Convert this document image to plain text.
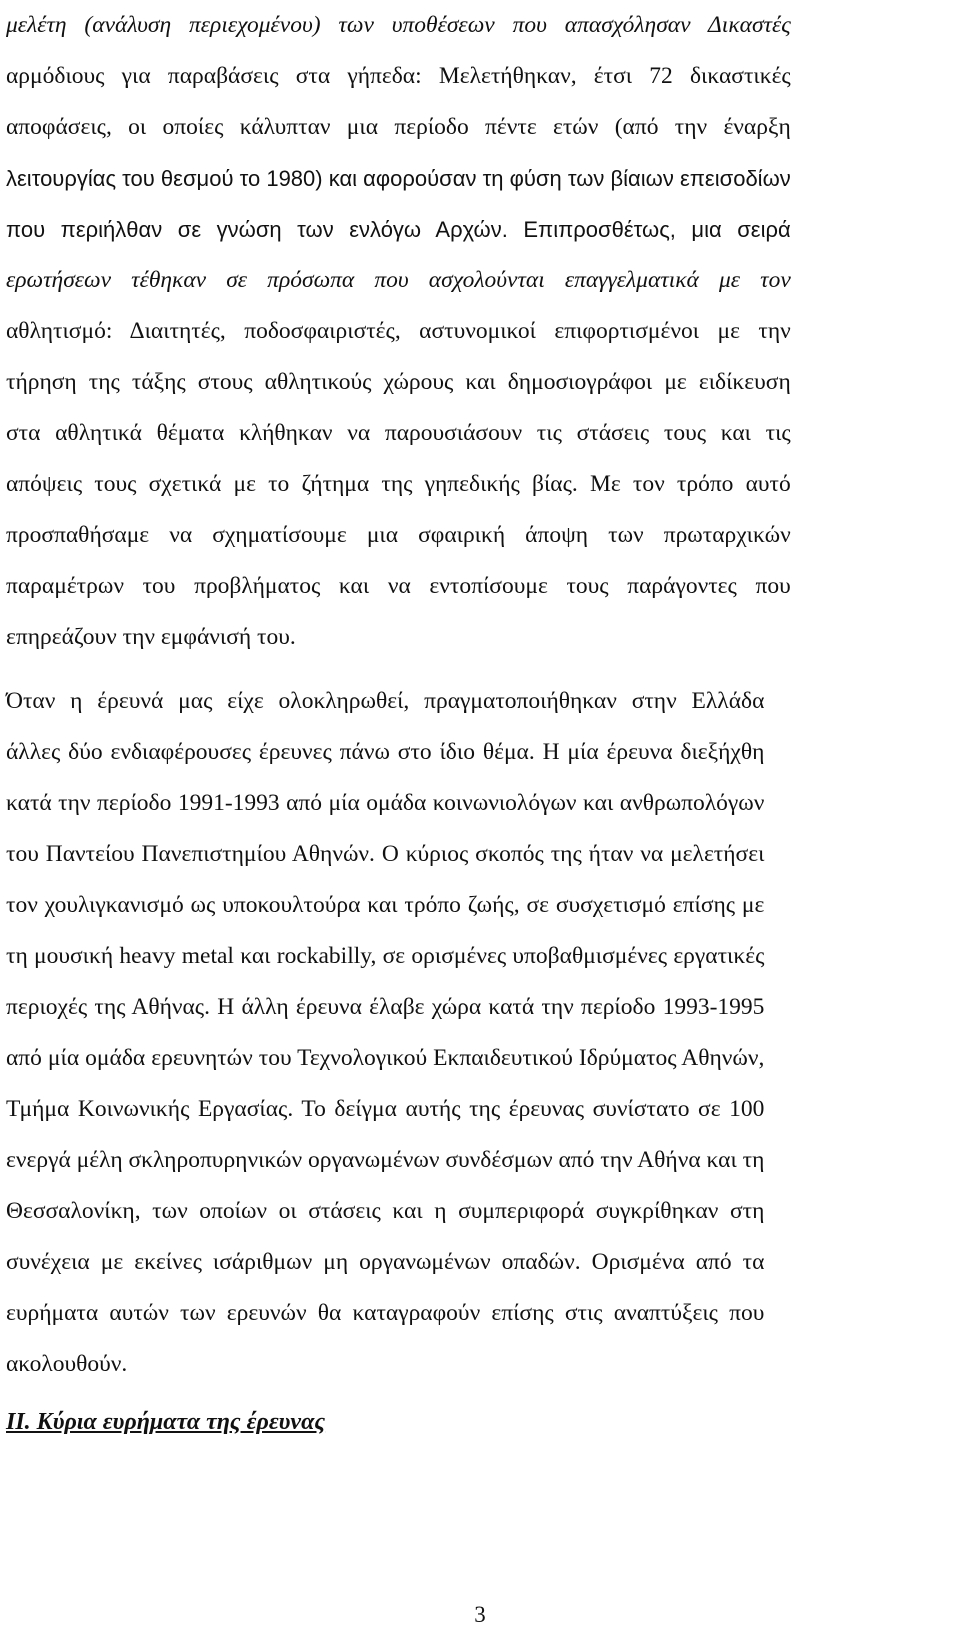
μελέτη (ανάλυση περιεχομένου) των υποθέσεων που απασχόλησαν Δικαστές
αρμόδιους για παραβάσεις στα γήπεδα: Μελετήθηκαν, έτσι 72 δικαστικές
αποφάσεις, οι οποίες κάλυπταν μια περίοδο πέντε ετών (από την έναρξη
λειτουργίας του θεσμού το 1980) και αφορούσαν τη φύση των βίαιων επεισοδίων
που περιήλθαν σε γνώση των ενλόγω Αρχών. Επιπροσθέτως, μια σειρά
ερωτήσεων τέθηκαν σε πρόσωπα που ασχολούνται επαγγελματικά με τον
αθλητισμό: Διαιτητές, ποδοσφαιριστές, αστυνομικοί επιφορτισμένοι με την
τήρηση της τάξης στους αθλητικούς χώρους και δημοσιογράφοι με ειδίκευση
στα αθλητικά θέματα κλήθηκαν να παρουσιάσουν τις στάσεις τους και τις
απόψεις τους σχετικά με το ζήτημα της γηπεδικής βίας. Με τον τρόπο αυτό
προσπαθήσαμε να σχηματίσουμε μια σφαιρική άποψη των πρωταρχικών
παραμέτρων του προβλήματος και να εντοπίσουμε τους παράγοντες που
επηρεάζουν την εμφάνισή του.
Όταν η έρευνά μας είχε ολοκληρωθεί, πραγματοποιήθηκαν στην Ελλάδα
άλλες δύο ενδιαφέρουσες έρευνες πάνω στο ίδιο θέμα. Η μία έρευνα διεξήχθη
κατά την περίοδο 1991-1993 από μία ομάδα κοινωνιολόγων και ανθρωπολόγων
του Παντείου Πανεπιστημίου Αθηνών. Ο κύριος σκοπός της ήταν να μελετήσει
τον χουλιγκανισμό ως υποκουλτούρα και τρόπο ζωής, σε συσχετισμό επίσης με
τη μουσική heavy metal και rockabilly, σε ορισμένες υποβαθμισμένες εργατικές
περιοχές της Αθήνας. Η άλλη έρευνα έλαβε χώρα κατά την περίοδο 1993-1995
από μία ομάδα ερευνητών του Τεχνολογικού Εκπαιδευτικού Ιδρύματος Αθηνών,
Τμήμα Κοινωνικής Εργασίας. Το δείγμα αυτής της έρευνας συνίστατο σε 100
ενεργά μέλη σκληροπυρηνικών οργανωμένων συνδέσμων από την Αθήνα και τη
Θεσσαλονίκη, των οποίων οι στάσεις και η συμπεριφορά συγκρίθηκαν στη
συνέχεια με εκείνες ισάριθμων μη οργανωμένων οπαδών. Ορισμένα από τα
ευρήματα αυτών των ερευνών θα καταγραφούν επίσης στις αναπτύξεις που
ακολουθούν.
II. Κύρια ευρήματα της έρευνας
3
